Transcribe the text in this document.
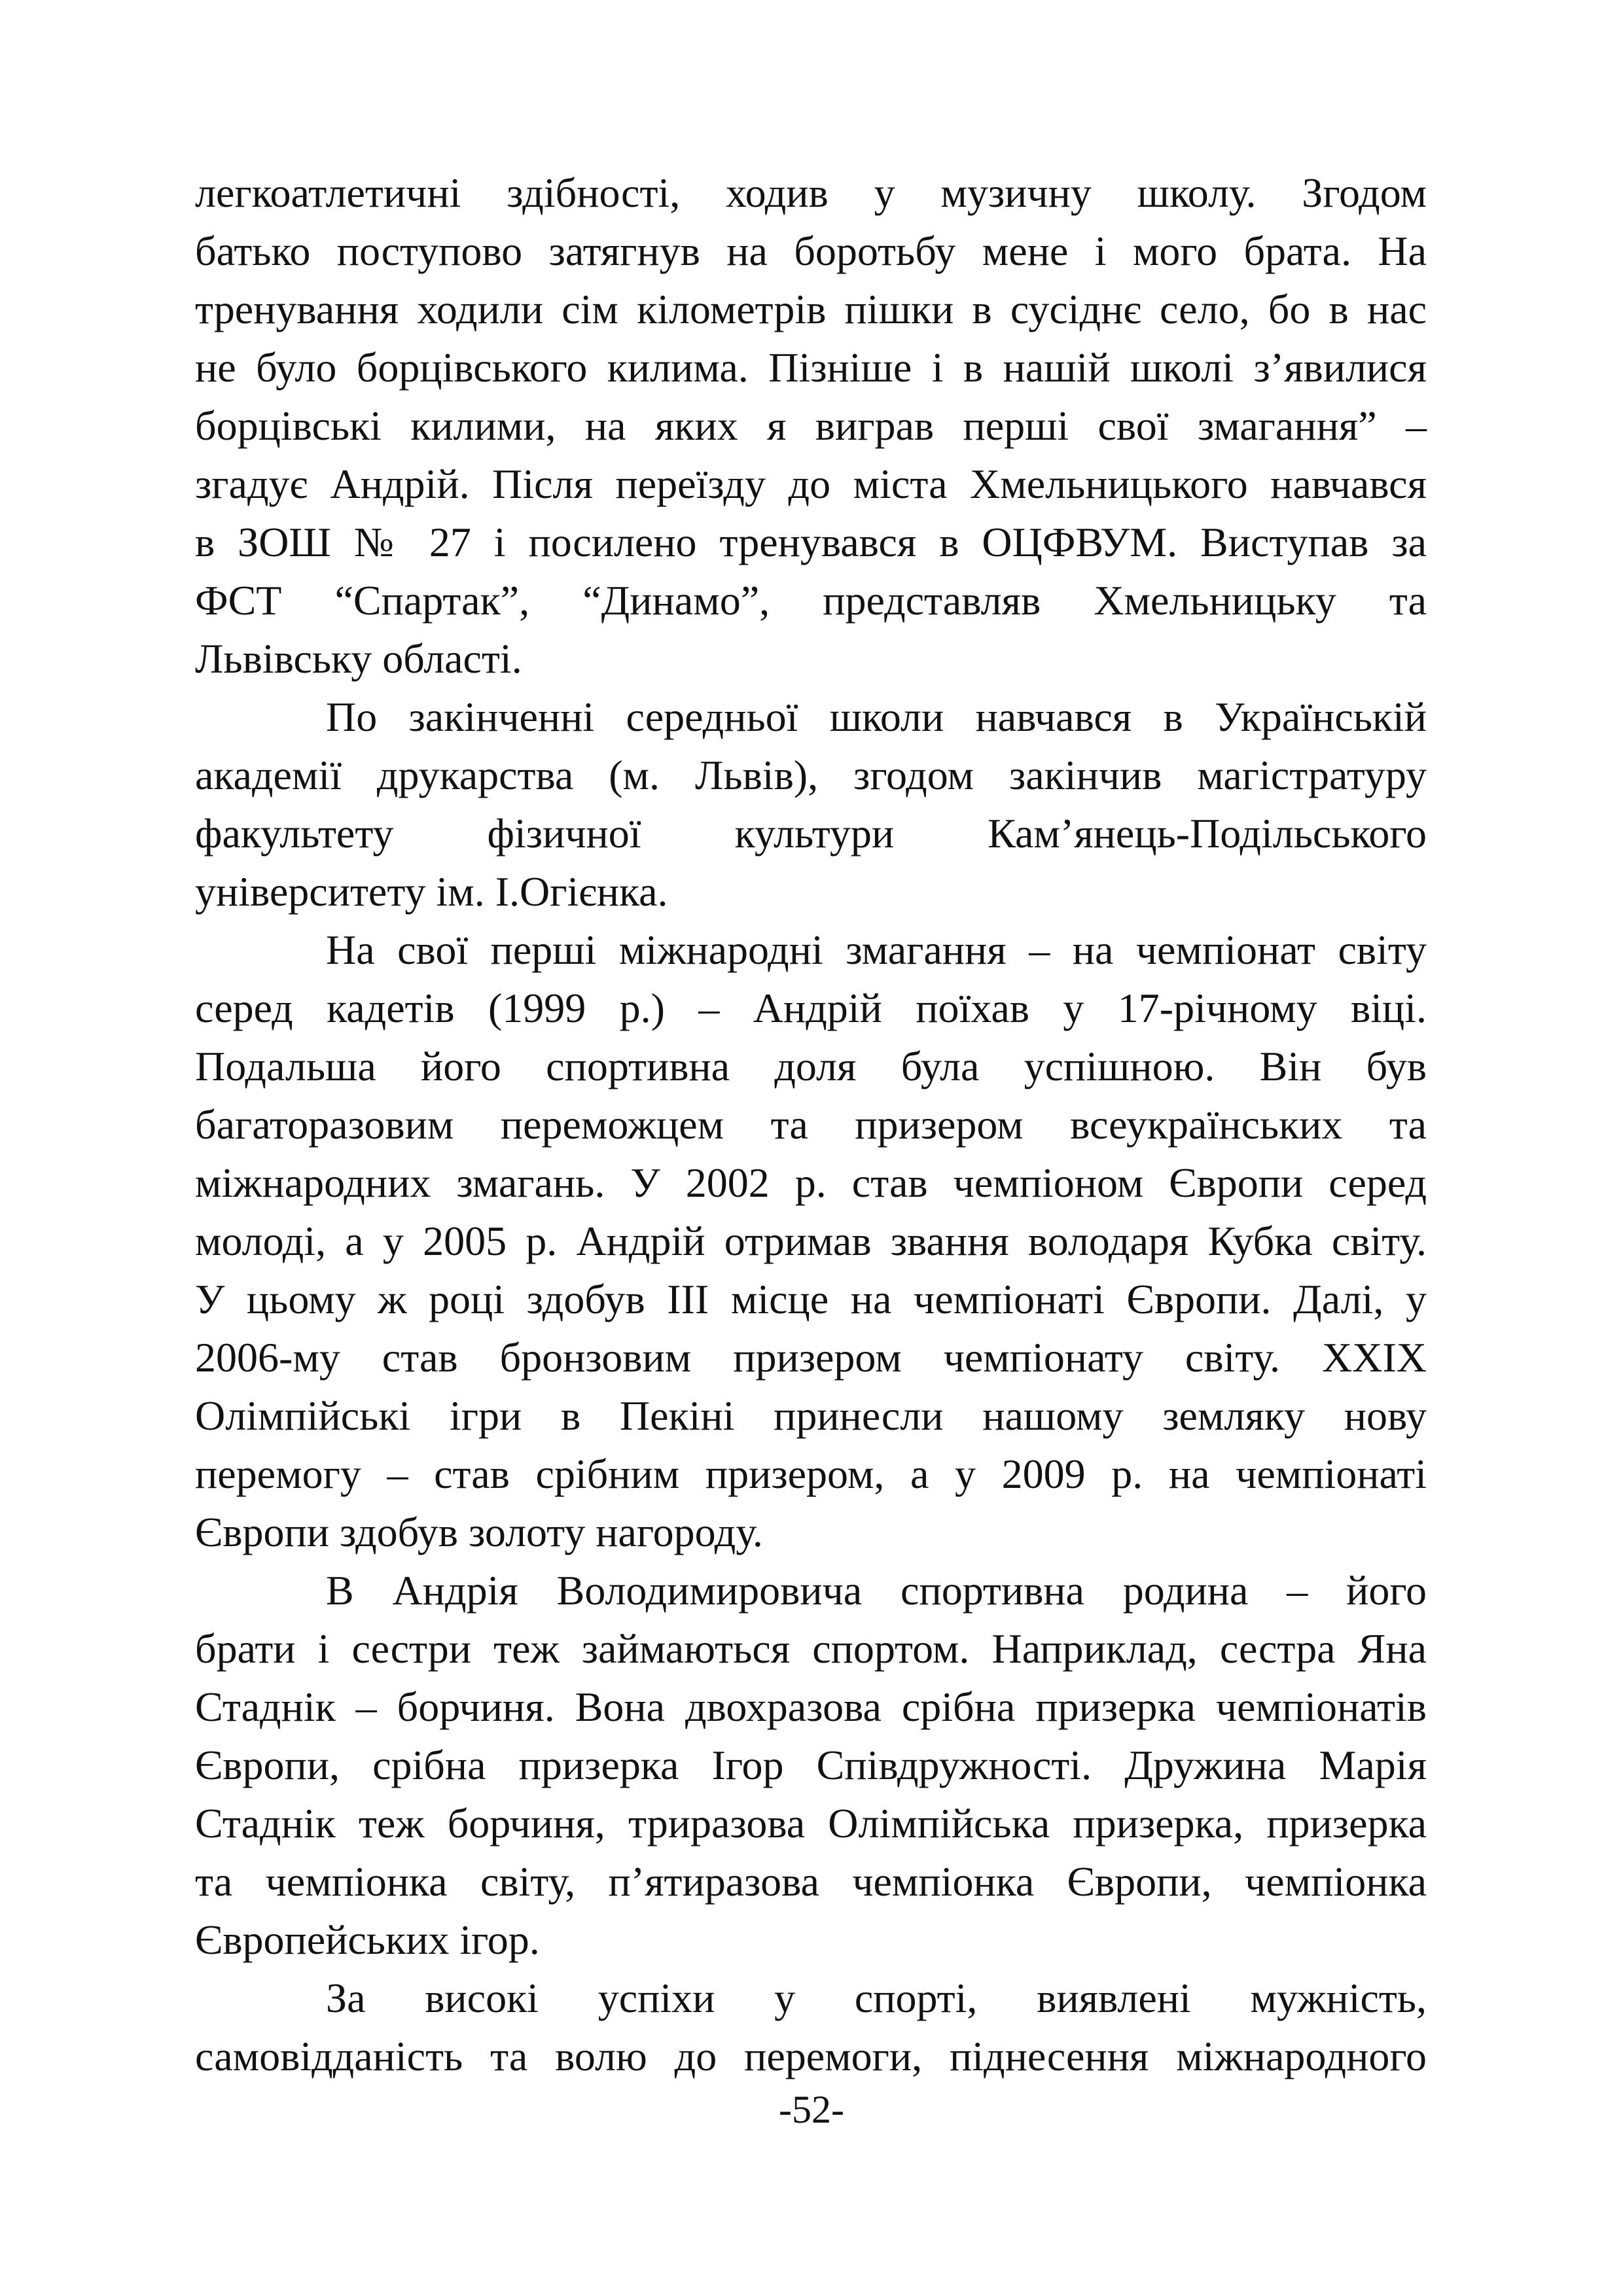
легкоатлетичні здібності, ходив у музичну школу. Згодом
батько поступово затягнув на боротьбу мене і мого брата. На
тренування ходили сім кілометрів пішки в сусіднє село, бо в нас
не було борцівського килима. Пізніше і в нашій школі з’явилися
борцівські килими, на яких я виграв перші свої змагання” –
згадує Андрій. Після переїзду до міста Хмельницького навчався
в ЗОШ № 27 і посилено тренувався в ОЦФВУМ. Виступав за
ФСТ “Спартак”, “Динамо”, представляв Хмельницьку та
Львівську області.
По закінченні середньої школи навчався в Українській
академії друкарства (м. Львів), згодом закінчив магістратуру
факультету фізичної культури Кам’янець-Подільського
університету ім. І.Огієнка.
На свої перші міжнародні змагання – на чемпіонат світу
серед кадетів (1999 р.) – Андрій поїхав у 17-річному віці.
Подальша його спортивна доля була успішною. Він був
багаторазовим переможцем та призером всеукраїнських та
міжнародних змагань. У 2002 р. став чемпіоном Європи серед
молоді, а у 2005 р. Андрій отримав звання володаря Кубка світу.
У цьому ж році здобув ІІІ місце на чемпіонаті Європи. Далі, у
2006-му став бронзовим призером чемпіонату світу. ХХІХ
Олімпійські ігри в Пекіні принесли нашому земляку нову
перемогу – став срібним призером, а у 2009 р. на чемпіонаті
Європи здобув золоту нагороду.
В Андрія Володимировича спортивна родина – його
брати і сестри теж займаються спортом. Наприклад, сестра Яна
Стаднік – борчиня. Вона двохразова срібна призерка чемпіонатів
Європи, срібна призерка Ігор Співдружності. Дружина Марія
Стаднік теж борчиня, триразова Олімпійська призерка, призерка
та чемпіонка світу, п’ятиразова чемпіонка Європи, чемпіонка
Європейських ігор.
За високі успіхи у спорті, виявлені мужність,
самовідданість та волю до перемоги, піднесення міжнародного
-52-
